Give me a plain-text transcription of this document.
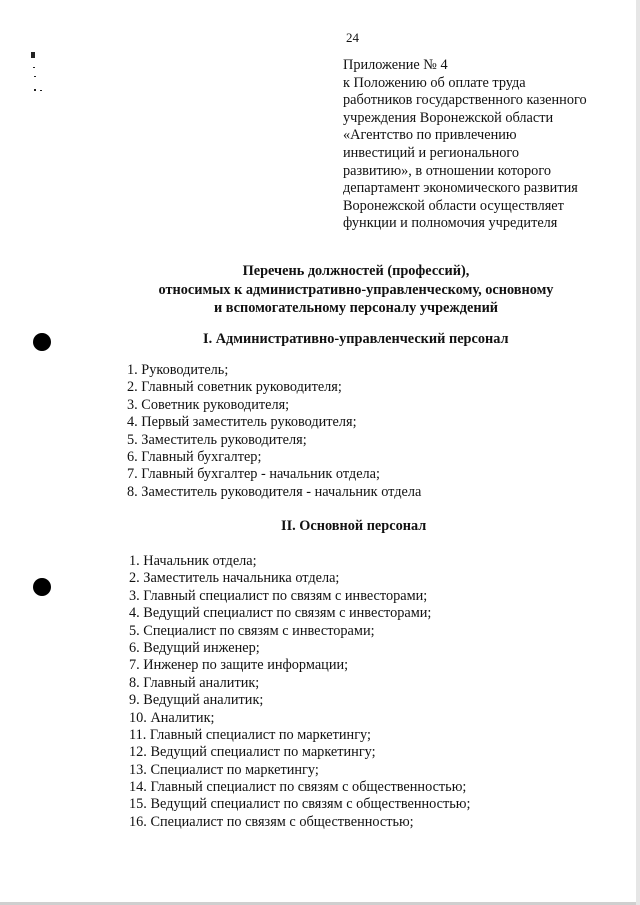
24
Приложение № 4
к Положению об оплате труда
работников государственного казенного
учреждения Воронежской области
«Агентство по привлечению
инвестиций и регионального
развитию», в отношении которого
департамент экономического развития
Воронежской области осуществляет
функции и полномочия учредителя
Перечень должностей (профессий),
относимых к административно-управленческому, основному
и вспомогательному персоналу учреждений
I. Административно-управленческий персонал
1. Руководитель;
2. Главный советник руководителя;
3. Советник руководителя;
4. Первый заместитель руководителя;
5. Заместитель руководителя;
6. Главный бухгалтер;
7. Главный бухгалтер - начальник отдела;
8. Заместитель руководителя - начальник отдела
II. Основной персонал
1. Начальник отдела;
2. Заместитель начальника отдела;
3. Главный специалист по связям с инвесторами;
4. Ведущий специалист по связям с инвесторами;
5. Специалист по связям с инвесторами;
6. Ведущий инженер;
7. Инженер по защите информации;
8. Главный аналитик;
9. Ведущий аналитик;
10. Аналитик;
11. Главный специалист по маркетингу;
12. Ведущий специалист по маркетингу;
13. Специалист по маркетингу;
14. Главный специалист по связям с общественностью;
15. Ведущий специалист по связям с общественностью;
16. Специалист по связям с общественностью;
